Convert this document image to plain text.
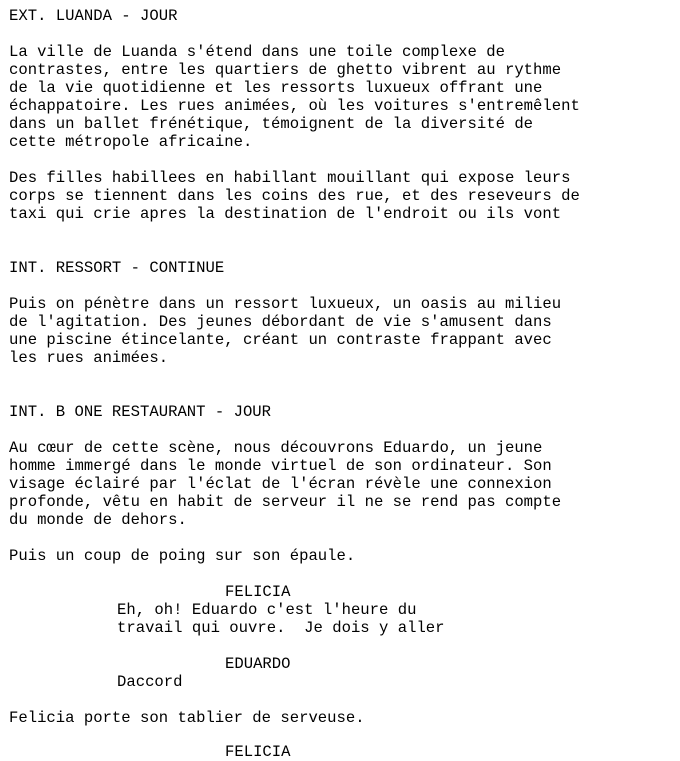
EXT. LUANDA - JOUR
La ville de Luanda s'étend dans une toile complexe de
contrastes, entre les quartiers de ghetto vibrent au rythme
de la vie quotidienne et les ressorts luxueux offrant une
échappatoire. Les rues animées, où les voitures s'entremêlent
dans un ballet frénétique, témoignent de la diversité de
cette métropole africaine.
Des filles habillees en habillant mouillant qui expose leurs
corps se tiennent dans les coins des rue, et des reseveurs de
taxi qui crie apres la destination de l'endroit ou ils vont
INT. RESSORT - CONTINUE
Puis on pénètre dans un ressort luxueux, un oasis au milieu
de l'agitation. Des jeunes débordant de vie s'amusent dans
une piscine étincelante, créant un contraste frappant avec
les rues animées.
INT. B ONE RESTAURANT - JOUR
Au cœur de cette scène, nous découvrons Eduardo, un jeune
homme immergé dans le monde virtuel de son ordinateur. Son
visage éclairé par l'éclat de l'écran révèle une connexion
profonde, vêtu en habit de serveur il ne se rend pas compte
du monde de dehors.
Puis un coup de poing sur son épaule.
FELICIA
Eh, oh! Eduardo c'est l'heure du
travail qui ouvre.  Je dois y aller
EDUARDO
Daccord
Felicia porte son tablier de serveuse.
FELICIA
